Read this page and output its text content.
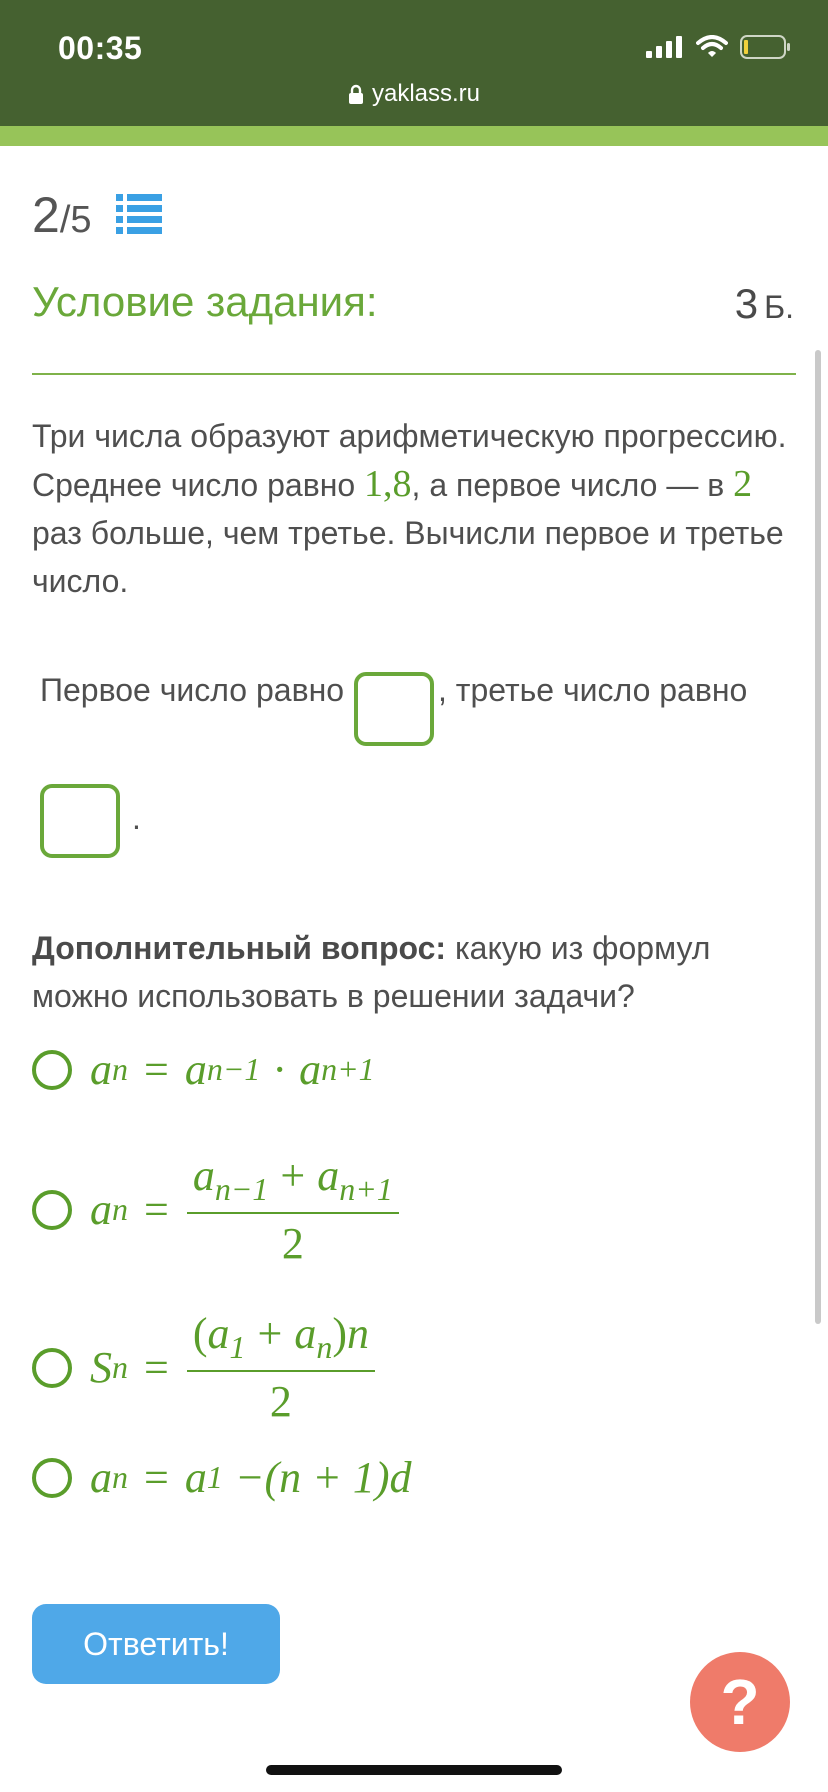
00:35
yaklass.ru
2/5
Условие задания:	3 Б.
Три числа образуют арифметическую прогрессию. Среднее число равно 1,8, а первое число — в 2 раз больше, чем третье. Вычисли первое и третье число.
Первое число равно	, третье число равно
.
Дополнительный вопрос: какую из формул можно использовать в решении задачи?
a n = a n−1 · a n+1
a $n = \frac{a_{n-1} + a_{n+1}}{2}$
S $n = \frac{(a_1 + a_n)n}{2}$
a n = a 1 −(n + 1) d
Ответить!
?
